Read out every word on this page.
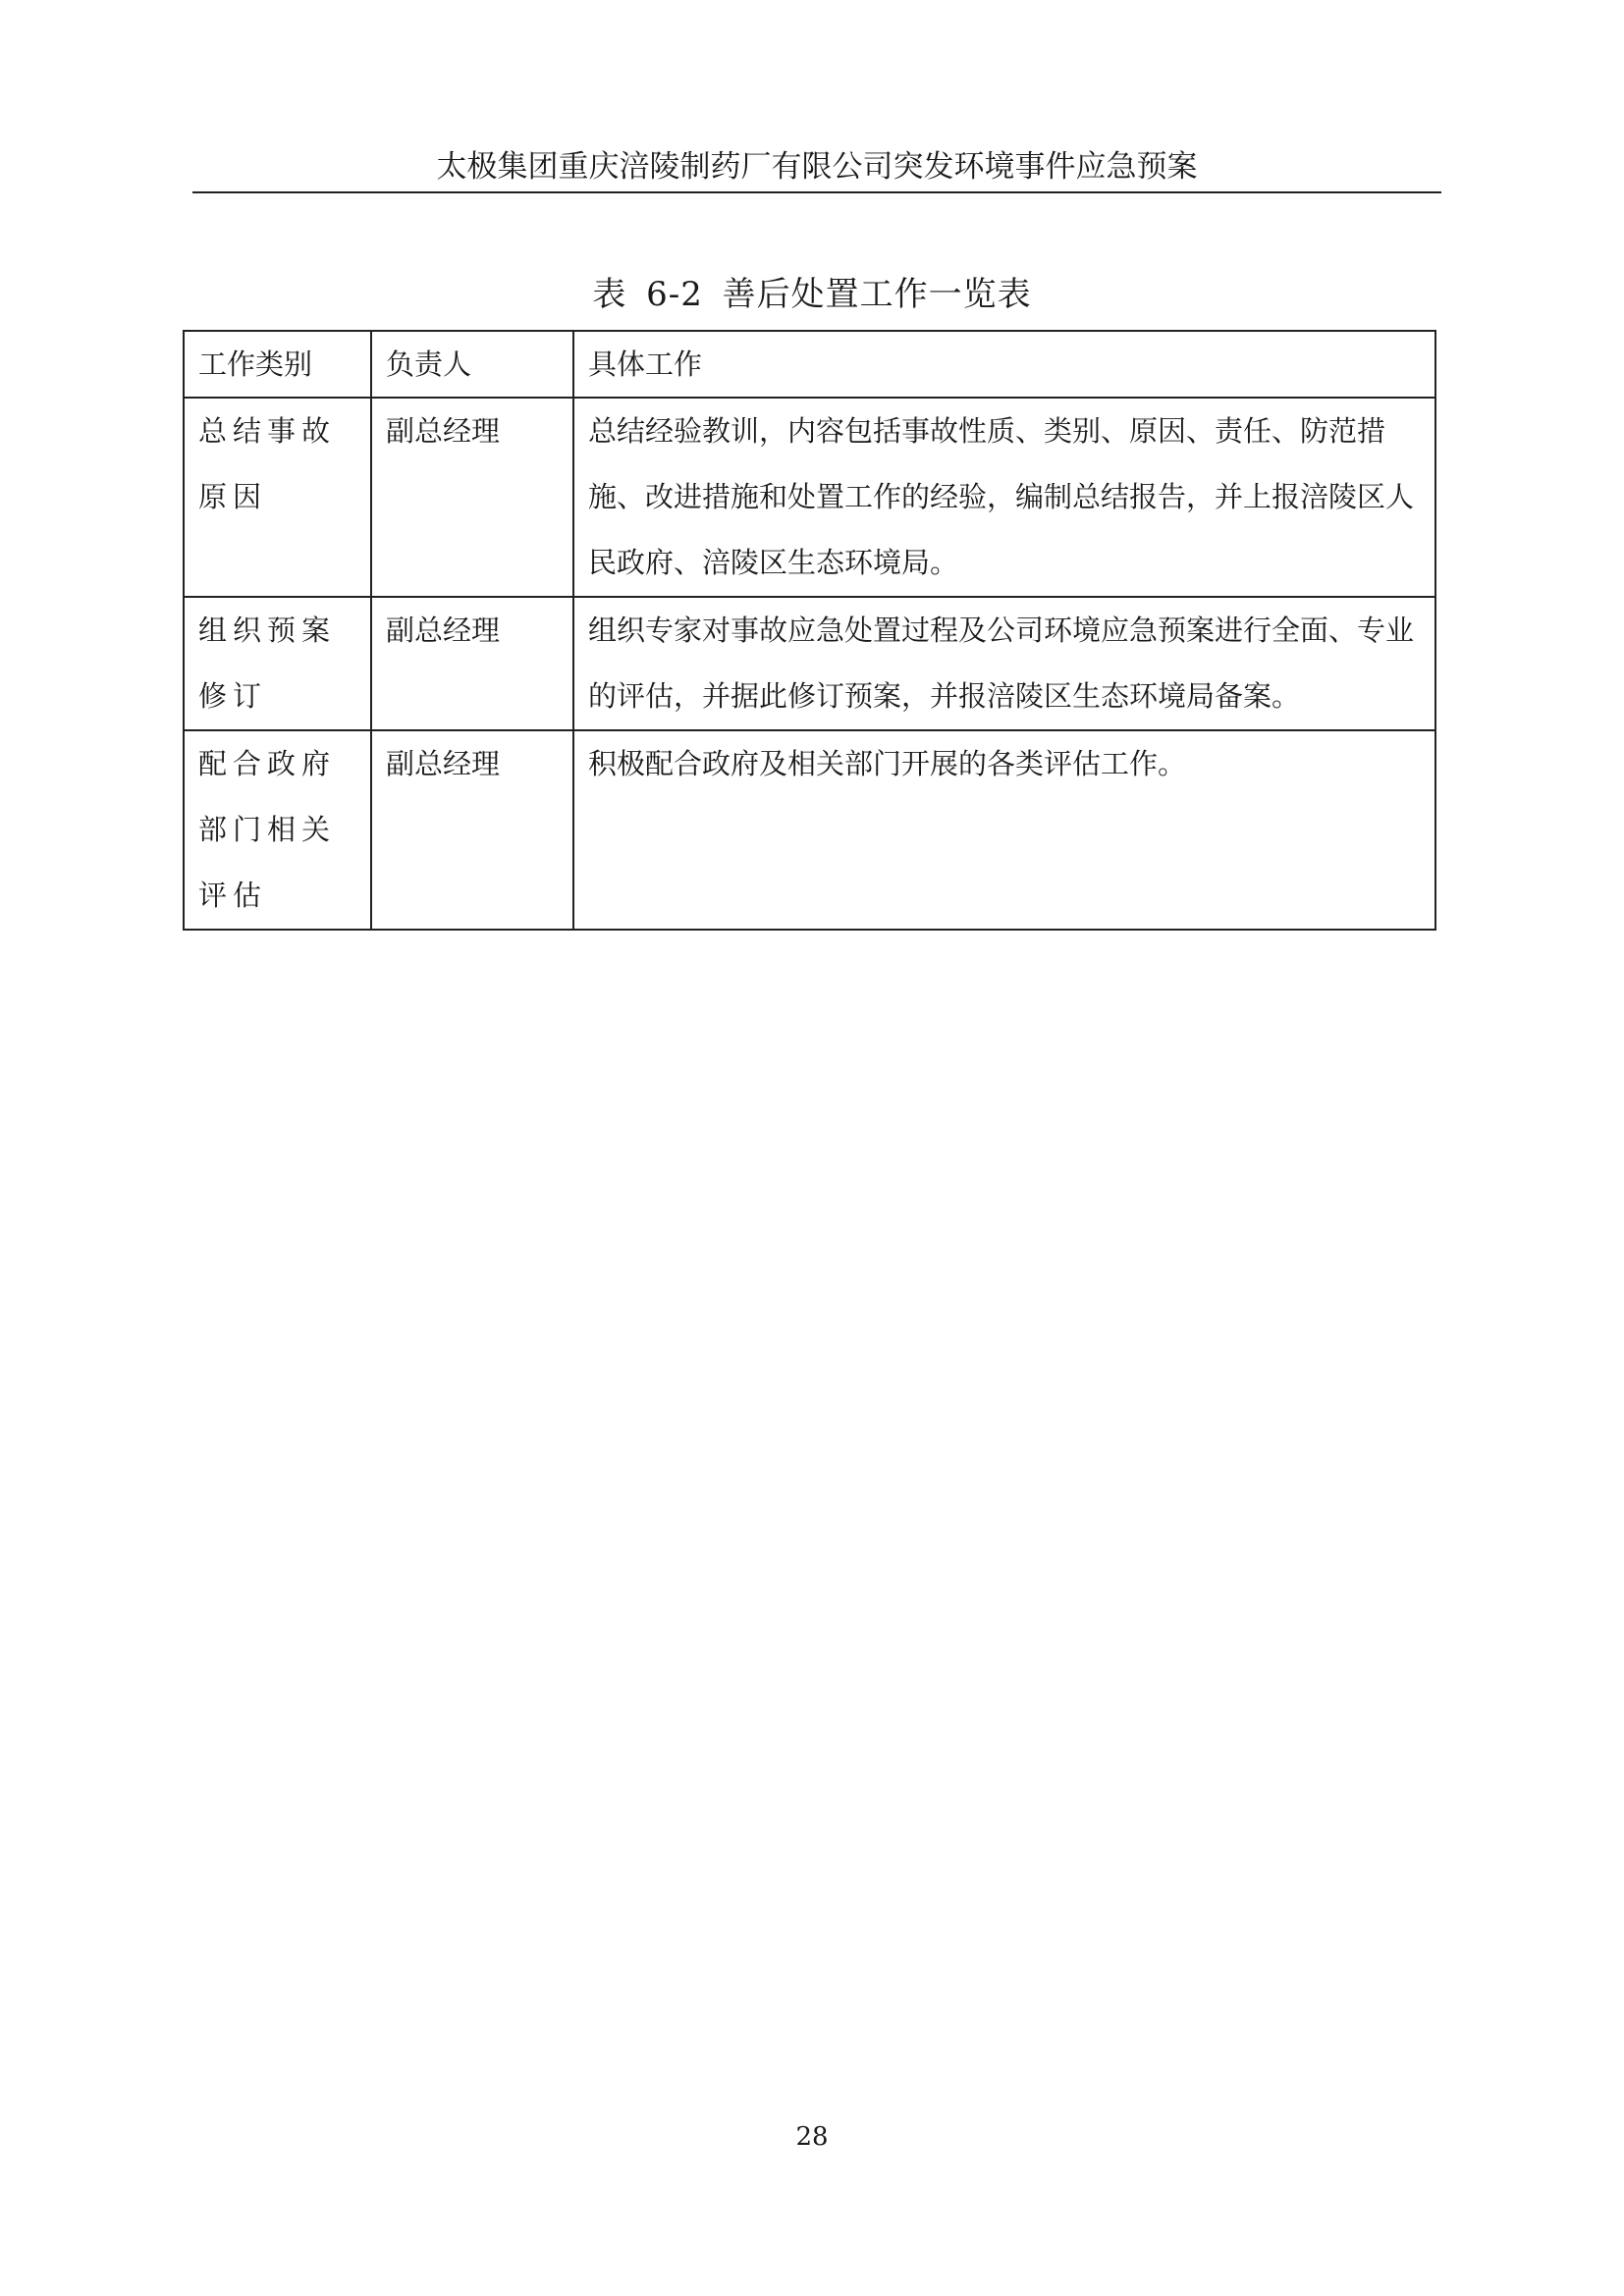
太极集团重庆涪陵制药厂有限公司突发环境事件应急预案
表 6-2 善后处置工作一览表
工作类别	负责人	具体工作

总结事故原因	副总经理	总结经验教训，内容包括事故性质、类别、原因、责任、防范措施、改进措施和处置工作的经验，编制总结报告，并上报涪陵区人民政府、涪陵区生态环境局。

组织预案修订	副总经理	组织专家对事故应急处置过程及公司环境应急预案进行全面、专业的评估，并据此修订预案，并报涪陵区生态环境局备案。

配合政府部门相关评估	副总经理	积极配合政府及相关部门开展的各类评估工作。
28
